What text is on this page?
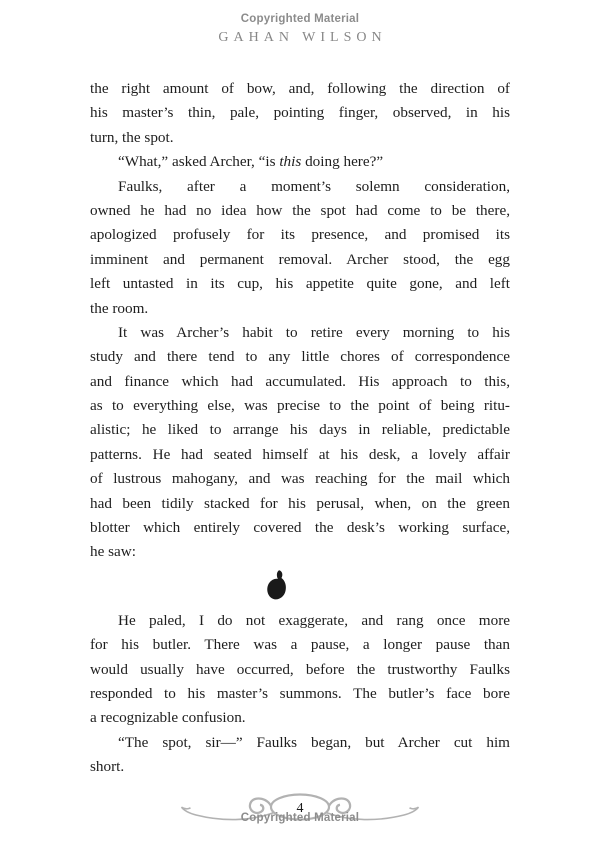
Copyrighted Material
GAHAN WILSON
the right amount of bow, and, following the direction of
his master’s thin, pale, pointing finger, observed, in his
turn, the spot.
“What,” asked Archer, “is this doing here?”
Faulks, after a moment’s solemn consideration,
owned he had no idea how the spot had come to be there,
apologized profusely for its presence, and promised its
imminent and permanent removal. Archer stood, the egg
left untasted in its cup, his appetite quite gone, and left
the room.
It was Archer’s habit to retire every morning to his
study and there tend to any little chores of correspondence
and finance which had accumulated. His approach to this,
as to everything else, was precise to the point of being ritu-
alistic; he liked to arrange his days in reliable, predictable
patterns. He had seated himself at his desk, a lovely affair
of lustrous mahogany, and was reaching for the mail which
had been tidily stacked for his perusal, when, on the green
blotter which entirely covered the desk’s working surface,
he saw:
He paled, I do not exaggerate, and rang once more
for his butler. There was a pause, a longer pause than
would usually have occurred, before the trustworthy Faulks
responded to his master’s summons. The butler’s face bore
a recognizable confusion.
“The spot, sir—” Faulks began, but Archer cut him
short.
4
Copyrighted Material
